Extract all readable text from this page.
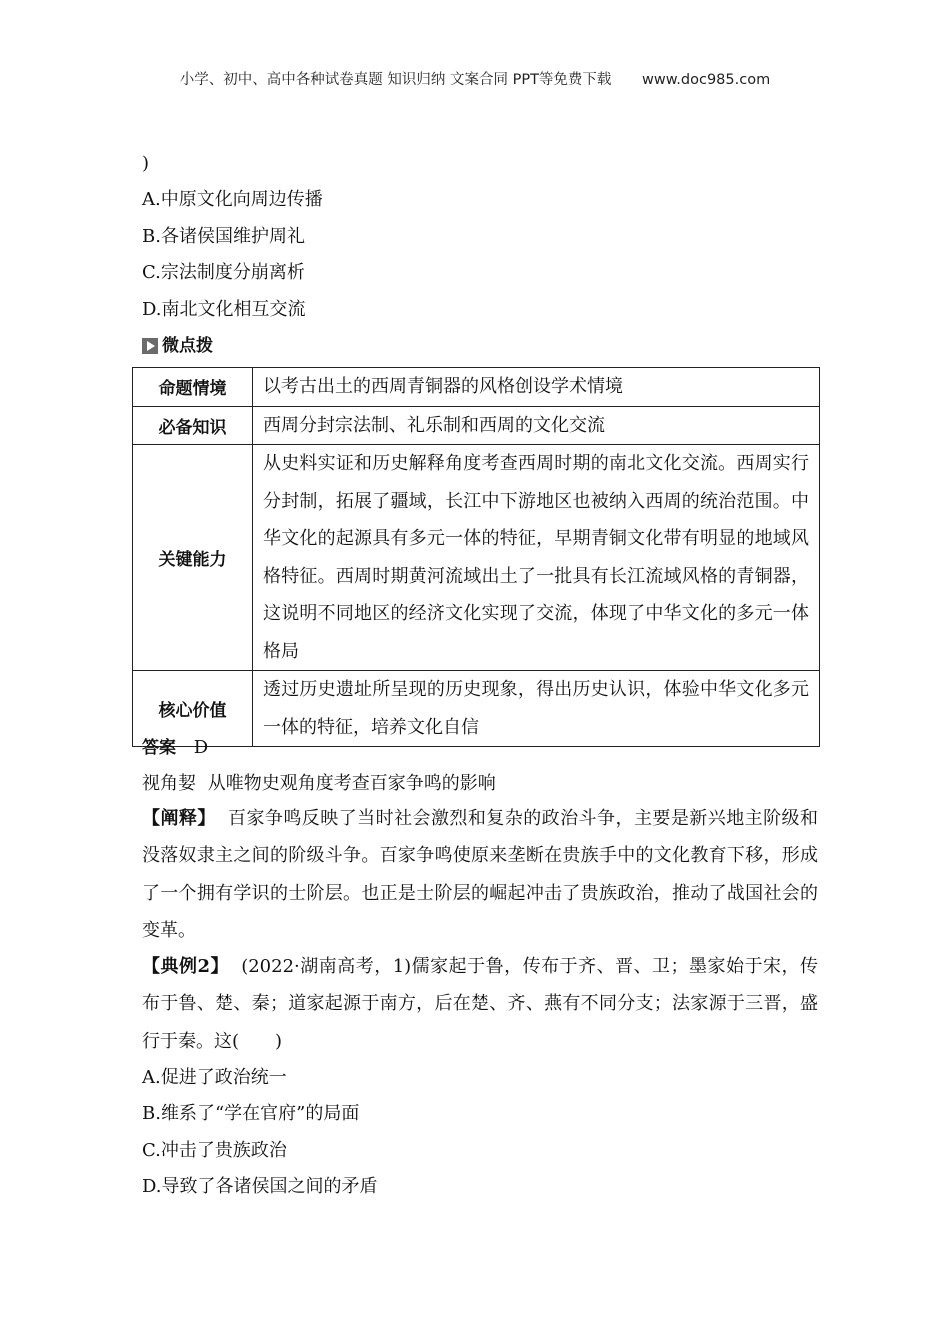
小学、初中、高中各种试卷真题 知识归纳 文案合同 PPT等免费下载 www.doc985.com
)
A.中原文化向周边传播
B.各诸侯国维护周礼
C.宗法制度分崩离析
D.南北文化相互交流
微点拨
命题情境	以考古出土的西周青铜器的风格创设学术情境
必备知识	西周分封宗法制、礼乐制和西周的文化交流
关键能力	从史料实证和历史解释角度考查西周时期的南北文化交流。西周实行分封制，拓展了疆域，长江中下游地区也被纳入西周的统治范围。中华文化的起源具有多元一体的特征，早期青铜文化带有明显的地域风格特征。西周时期黄河流域出土了一批具有长江流域风格的青铜器，这说明不同地区的经济文化实现了交流，体现了中华文化的多元一体格局
核心价值	透过历史遗址所呈现的历史现象，得出历史认识，体验中华文化多元一体的特征，培养文化自信
答案 D
视角㛃 从唯物史观角度考查百家争鸣的影响
【阐释】 百家争鸣反映了当时社会激烈和复杂的政治斗争，主要是新兴地主阶级和没落奴隶主之间的阶级斗争。百家争鸣使原来垄断在贵族手中的文化教育下移，形成了一个拥有学识的士阶层。也正是士阶层的崛起冲击了贵族政治，推动了战国社会的变革。
【典例2】 (2022·湖南高考，1)儒家起于鲁，传布于齐、晋、卫；墨家始于宋，传布于鲁、楚、秦；道家起源于南方，后在楚、齐、燕有不同分支；法家源于三晋，盛行于秦。这(　　)
A.促进了政治统一
B.维系了“学在官府”的局面
C.冲击了贵族政治
D.导致了各诸侯国之间的矛盾
